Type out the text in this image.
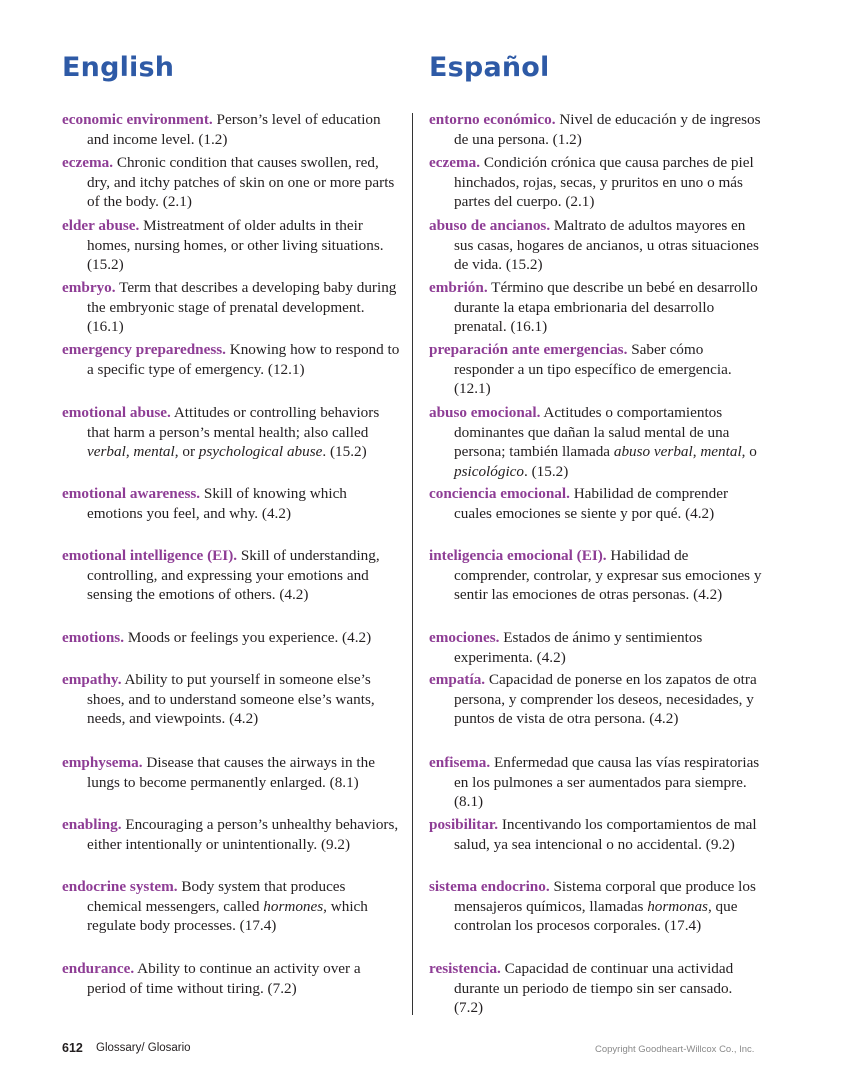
English	Español

economic environment. Person’s level of education and income level. (1.2)

eczema. Chronic condition that causes swollen, red, dry, and itchy patches of skin on one or more parts of the body. (2.1)

elder abuse. Mistreatment of older adults in their homes, nursing homes, or other living situations. (15.2)

embryo. Term that describes a developing baby during the embryonic stage of prenatal development. (16.1)

emergency preparedness. Knowing how to respond to a specific type of emergency. (12.1)

emotional abuse. Attitudes or controlling behaviors that harm a person’s mental health; also called verbal, mental, or psychological abuse. (15.2)

emotional awareness. Skill of knowing which emotions you feel, and why. (4.2)

emotional intelligence (EI). Skill of understanding, controlling, and expressing your emotions and sensing the emotions of others. (4.2)

emotions. Moods or feelings you experience. (4.2)

empathy. Ability to put yourself in someone else’s shoes, and to understand someone else’s wants, needs, and viewpoints. (4.2)

emphysema. Disease that causes the airways in the lungs to become permanently enlarged. (8.1)

enabling. Encouraging a person’s unhealthy behaviors, either intentionally or unintentionally. (9.2)

endocrine system. Body system that produces chemical messengers, called hormones, which regulate body processes. (17.4)

endurance. Ability to continue an activity over a period of time without tiring. (7.2)

entorno económico. Nivel de educación y de ingresos de una persona. (1.2)

eczema. Condición crónica que causa parches de piel hinchados, rojas, secas, y pruritos en uno o más partes del cuerpo. (2.1)

abuso de ancianos. Maltrato de adultos mayores en sus casas, hogares de ancianos, u otras situaciones de vida. (15.2)

embrión. Término que describe un bebé en desarrollo durante la etapa embrionaria del desarrollo prenatal. (16.1)

preparación ante emergencias. Saber cómo responder a un tipo específico de emergencia. (12.1)

abuso emocional. Actitudes o comportamientos dominantes que dañan la salud mental de una persona; también llamada abuso verbal, mental, o psicológico. (15.2)

conciencia emocional. Habilidad de comprender cuales emociones se siente y por qué. (4.2)

inteligencia emocional (EI). Habilidad de comprender, controlar, y expresar sus emociones y sentir las emociones de otras personas. (4.2)

emociones. Estados de ánimo y sentimientos experimenta. (4.2)

empatía. Capacidad de ponerse en los zapatos de otra persona, y comprender los deseos, necesidades, y puntos de vista de otra persona. (4.2)

enfisema. Enfermedad que causa las vías respiratorias en los pulmones a ser aumentados para siempre. (8.1)

posibilitar. Incentivando los comportamientos de mal salud, ya sea intencional o no accidental. (9.2)

sistema endocrino. Sistema corporal que produce los mensajeros químicos, llamadas hormonas, que controlan los procesos corporales. (17.4)

resistencia. Capacidad de continuar una actividad durante un periodo de tiempo sin ser cansado. (7.2)

612 Glossary/ Glosario	Copyright Goodheart-Willcox Co., Inc.
